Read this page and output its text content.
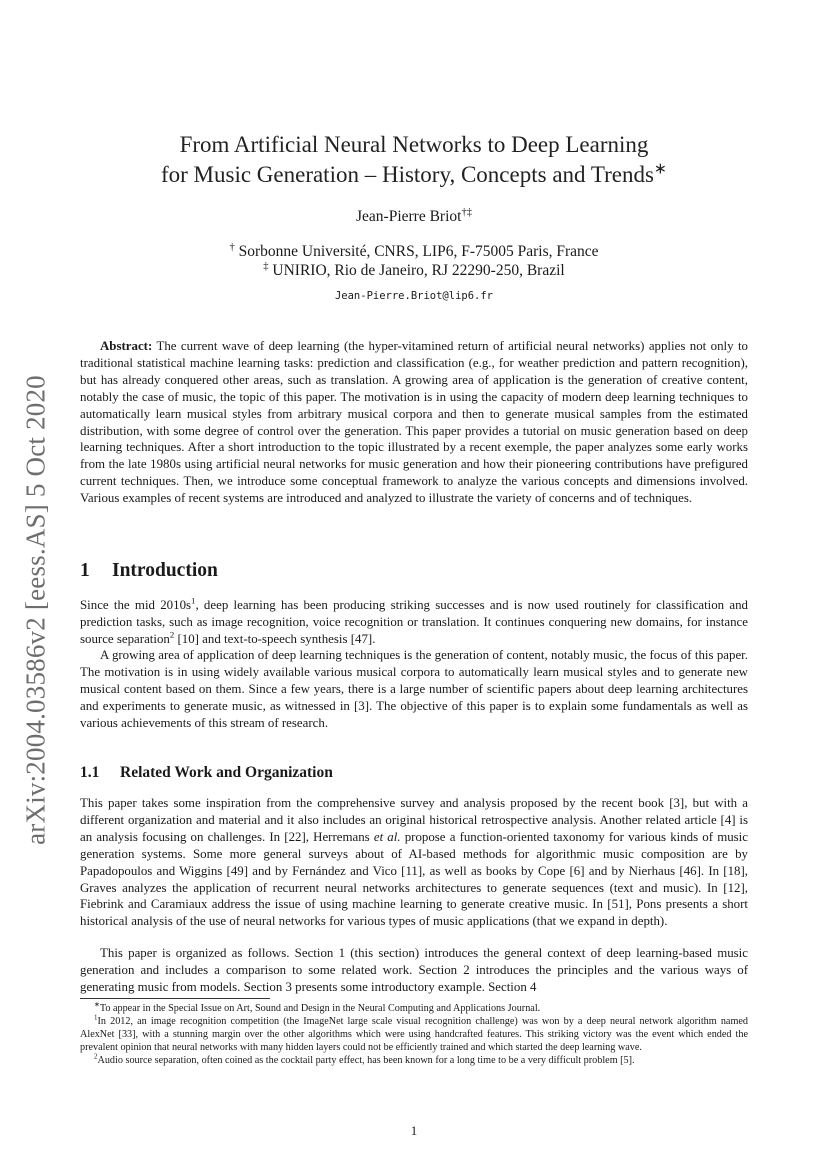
arXiv:2004.03586v2 [eess.AS] 5 Oct 2020
From Artificial Neural Networks to Deep Learning
for Music Generation – History, Concepts and Trends∗
Jean-Pierre Briot†‡
† Sorbonne Université, CNRS, LIP6, F-75005 Paris, France
‡ UNIRIO, Rio de Janeiro, RJ 22290-250, Brazil
Jean-Pierre.Briot@lip6.fr

Abstract: The current wave of deep learning (the hyper-vitamined return of artificial neural networks) applies not only to traditional statistical machine learning tasks: prediction and classification (e.g., for weather prediction and pattern recognition), but has already conquered other areas, such as translation. A growing area of application is the generation of creative content, notably the case of music, the topic of this paper. The motivation is in using the capacity of modern deep learning techniques to automatically learn musical styles from arbitrary musical corpora and then to generate musical samples from the estimated distribution, with some degree of control over the generation. This paper provides a tutorial on music generation based on deep learning techniques. After a short introduction to the topic illustrated by a recent exemple, the paper analyzes some early works from the late 1980s using artificial neural networks for music generation and how their pioneering contributions have prefigured current techniques. Then, we introduce some conceptual framework to analyze the various concepts and dimensions involved. Various examples of recent systems are introduced and analyzed to illustrate the variety of concerns and of techniques.

1 Introduction

Since the mid $2010s^1$, deep learning has been producing striking successes and is now used routinely for classification and prediction tasks, such as image recognition, voice recognition or translation. It continues conquering new domains, for instance source separation$^2$ [10] and text-to-speech synthesis [47].

A growing area of application of deep learning techniques is the generation of content, notably music, the focus of this paper. The motivation is in using widely available various musical corpora to automatically learn musical styles and to generate new musical content based on them. Since a few years, there is a large number of scientific papers about deep learning architectures and experiments to generate music, as witnessed in [3]. The objective of this paper is to explain some fundamentals as well as various achievements of this stream of research.

1.1 Related Work and Organization

This paper takes some inspiration from the comprehensive survey and analysis proposed by the recent book [3], but with a different organization and material and it also includes an original historical retrospective analysis. Another related article [4] is an analysis focusing on challenges. In [22], Herremans et al. propose a function-oriented taxonomy for various kinds of music generation systems. Some more general surveys about of AI-based methods for algorithmic music composition are by Papadopoulos and Wiggins [49] and by Fernández and Vico [11], as well as books by Cope [6] and by Nierhaus [46]. In [18], Graves analyzes the application of recurrent neural networks architectures to generate sequences (text and music). In [12], Fiebrink and Caramiaux address the issue of using machine learning to generate creative music. In [51], Pons presents a short historical analysis of the use of neural networks for various types of music applications (that we expand in depth).

This paper is organized as follows. Section 1 (this section) introduces the general context of deep learning-based music generation and includes a comparison to some related work. Section 2 introduces the principles and the various ways of generating music from models. Section 3 presents some introductory example. Section 4

∗To appear in the Special Issue on Art, Sound and Design in the Neural Computing and Applications Journal.

$^1$In 2012, an image recognition competition (the ImageNet large scale visual recognition challenge) was won by a deep neural network algorithm named AlexNet [33], with a stunning margin over the other algorithms which were using handcrafted features. This striking victory was the event which ended the prevalent opinion that neural networks with many hidden layers could not be efficiently trained and which started the deep learning wave.

$^2$Audio source separation, often coined as the cocktail party effect, has been known for a long time to be a very difficult problem [5].

1
